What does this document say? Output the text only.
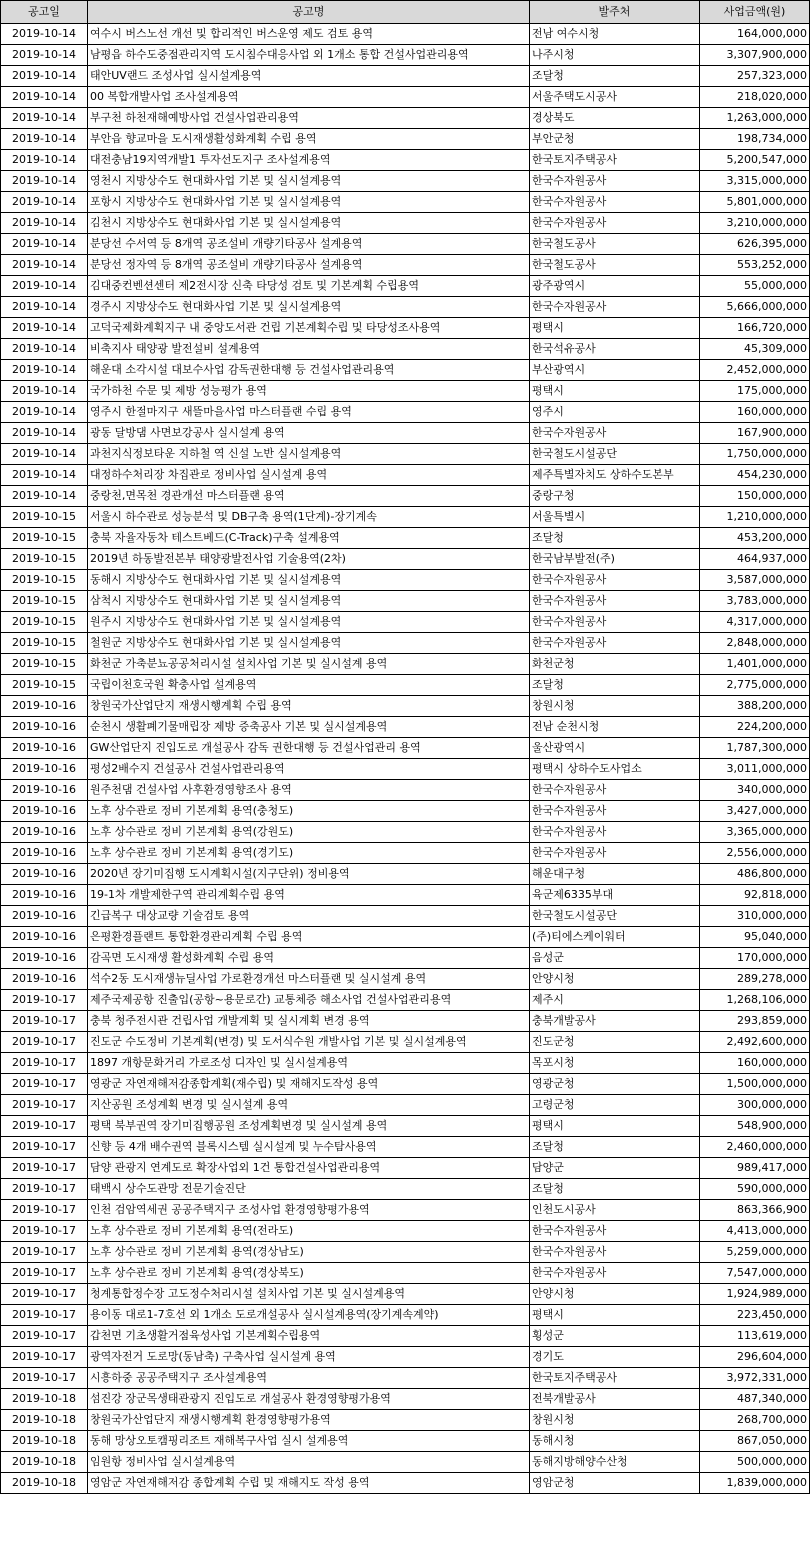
공고일	공고명	발주처	사업금액(원)
2019-10-14	여수시 버스노선 개선 및 합리적인 버스운영 제도 검토 용역	전남 여수시청	164,000,000
2019-10-14	남평읍 하수도중점관리지역 도시침수대응사업 외 1개소 통합 건설사업관리용역	나주시청	3,307,900,000
2019-10-14	태안UV랜드 조성사업 실시설계용역	조달청	257,323,000
2019-10-14	00 복합개발사업 조사설계용역	서울주택도시공사	218,020,000
2019-10-14	부구천 하천재해예방사업 건설사업관리용역	경상북도	1,263,000,000
2019-10-14	부안읍 향교마을 도시재생활성화계획 수립 용역	부안군청	198,734,000
2019-10-14	대전충남19지역개발1 투자선도지구 조사설계용역	한국토지주택공사	5,200,547,000
2019-10-14	영천시 지방상수도 현대화사업 기본 및 실시설계용역	한국수자원공사	3,315,000,000
2019-10-14	포항시 지방상수도 현대화사업 기본 및 실시설계용역	한국수자원공사	5,801,000,000
2019-10-14	김천시 지방상수도 현대화사업 기본 및 실시설계용역	한국수자원공사	3,210,000,000
2019-10-14	분당선 수서역 등 8개역 공조설비 개량기타공사 설계용역	한국철도공사	626,395,000
2019-10-14	분당선 정자역 등 8개역 공조설비 개량기타공사 설계용역	한국철도공사	553,252,000
2019-10-14	김대중컨벤션센터 제2전시장 신축 타당성 검토 및 기본계획 수립용역	광주광역시	55,000,000
2019-10-14	경주시 지방상수도 현대화사업 기본 및 실시설계용역	한국수자원공사	5,666,000,000
2019-10-14	고덕국제화계획지구 내 중앙도서관 건립 기본계획수립 및 타당성조사용역	평택시	166,720,000
2019-10-14	비축지사 태양광 발전설비 설계용역	한국석유공사	45,309,000
2019-10-14	해운대 소각시설 대보수사업 감독권한대행 등 건설사업관리용역	부산광역시	2,452,000,000
2019-10-14	국가하천 수문 및 제방 성능평가 용역	평택시	175,000,000
2019-10-14	영주시 한절마지구 새뜰마을사업 마스터플랜 수립 용역	영주시	160,000,000
2019-10-14	광동 달방댐 사면보강공사 실시설계 용역	한국수자원공사	167,900,000
2019-10-14	과천지식정보타운 지하철 역 신설 노반 실시설계용역	한국철도시설공단	1,750,000,000
2019-10-14	대정하수처리장 차집관로 정비사업 실시설계 용역	제주특별자치도 상하수도본부	454,230,000
2019-10-14	중랑천,면목천 경관개선 마스터플랜 용역	중랑구청	150,000,000
2019-10-15	서울시 하수관로 성능분석 및 DB구축 용역(1단계)-장기계속	서울특별시	1,210,000,000
2019-10-15	충북 자율자동차 테스트베드(C-Track)구축 설계용역	조달청	453,200,000
2019-10-15	2019년 하동발전본부 태양광발전사업 기술용역(2차)	한국남부발전(주)	464,937,000
2019-10-15	동해시 지방상수도 현대화사업 기본 및 실시설계용역	한국수자원공사	3,587,000,000
2019-10-15	삼척시 지방상수도 현대화사업 기본 및 실시설계용역	한국수자원공사	3,783,000,000
2019-10-15	원주시 지방상수도 현대화사업 기본 및 실시설계용역	한국수자원공사	4,317,000,000
2019-10-15	철원군 지방상수도 현대화사업 기본 및 실시설계용역	한국수자원공사	2,848,000,000
2019-10-15	화천군 가축분뇨공공처리시설 설치사업 기본 및 실시설계 용역	화천군청	1,401,000,000
2019-10-15	국립이천호국원 확충사업 설계용역	조달청	2,775,000,000
2019-10-16	창원국가산업단지 재생시행계획 수립 용역	창원시청	388,200,000
2019-10-16	순천시 생활폐기물매립장 제방 증축공사 기본 및 실시설계용역	전남 순천시청	224,200,000
2019-10-16	GW산업단지 진입도로 개설공사 감독 권한대행 등 건설사업관리 용역	울산광역시	1,787,300,000
2019-10-16	평성2배수지 건설공사 건설사업관리용역	평택시 상하수도사업소	3,011,000,000
2019-10-16	원주천댐 건설사업 사후환경영향조사 용역	한국수자원공사	340,000,000
2019-10-16	노후 상수관로 정비 기본계획 용역(충청도)	한국수자원공사	3,427,000,000
2019-10-16	노후 상수관로 정비 기본계획 용역(강원도)	한국수자원공사	3,365,000,000
2019-10-16	노후 상수관로 정비 기본계획 용역(경기도)	한국수자원공사	2,556,000,000
2019-10-16	2020년 장기미집행 도시계획시설(지구단위) 정비용역	해운대구청	486,800,000
2019-10-16	19-1차 개발제한구역 관리계획수립 용역	육군제6335부대	92,818,000
2019-10-16	긴급복구 대상교량 기술검토 용역	한국철도시설공단	310,000,000
2019-10-16	은평환경플랜트 통합환경관리계획 수립 용역	(주)티에스케이워터	95,040,000
2019-10-16	감곡면 도시재생 활성화계획 수립 용역	음성군	170,000,000
2019-10-16	석수2동 도시재생뉴딜사업 가로환경개선 마스터플랜 및 실시설계 용역	안양시청	289,278,000
2019-10-17	제주국제공항 진출입(공항~용문로간) 교통체증 해소사업 건설사업관리용역	제주시	1,268,106,000
2019-10-17	충북 청주전시관 건립사업 개발계획 및 실시계획 변경 용역	충북개발공사	293,859,000
2019-10-17	진도군 수도정비 기본계획(변경) 및 도서식수원 개발사업 기본 및 실시설계용역	진도군청	2,492,600,000
2019-10-17	1897 개항문화거리 가로조성 디자인 및 실시설계용역	목포시청	160,000,000
2019-10-17	영광군 자연재해저감종합계획(재수립) 및 재해지도작성 용역	영광군청	1,500,000,000
2019-10-17	지산공원 조성계획 변경 및 실시설계 용역	고령군청	300,000,000
2019-10-17	평택 북부권역 장기미집행공원 조성계획변경 및 실시설계 용역	평택시	548,900,000
2019-10-17	신향 등 4개 배수권역 블록시스템 실시설계 및 누수탐사용역	조달청	2,460,000,000
2019-10-17	담양 관광지 연계도로 확장사업외 1건 통합건설사업관리용역	담양군	989,417,000
2019-10-17	태백시 상수도관망 전문기술진단	조달청	590,000,000
2019-10-17	인천 검암역세권 공공주택지구 조성사업 환경영향평가용역	인천도시공사	863,366,900
2019-10-17	노후 상수관로 정비 기본계획 용역(전라도)	한국수자원공사	4,413,000,000
2019-10-17	노후 상수관로 정비 기본계획 용역(경상남도)	한국수자원공사	5,259,000,000
2019-10-17	노후 상수관로 정비 기본계획 용역(경상북도)	한국수자원공사	7,547,000,000
2019-10-17	청계통합정수장 고도정수처리시설 설치사업 기본 및 실시설계용역	안양시청	1,924,989,000
2019-10-17	용이동 대로1-7호선 외 1개소 도로개설공사 실시설계용역(장기계속계약)	평택시	223,450,000
2019-10-17	갑천면 기초생활거점육성사업 기본계획수립용역	횡성군	113,619,000
2019-10-17	광역자전거 도로망(동남축) 구축사업 실시설계 용역	경기도	296,604,000
2019-10-17	시흥하중 공공주택지구 조사설계용역	한국토지주택공사	3,972,331,000
2019-10-18	섬진강 장군목생태관광지 진입도로 개설공사 환경영향평가용역	전북개발공사	487,340,000
2019-10-18	창원국가산업단지 재생시행계획 환경영향평가용역	창원시청	268,700,000
2019-10-18	동해 망상오토캠핑리조트 재해복구사업 실시 설계용역	동해시청	867,050,000
2019-10-18	임원항 정비사업 실시설계용역	동해지방해양수산청	500,000,000
2019-10-18	영암군 자연재해저감 종합계획 수립 및 재해지도 작성 용역	영암군청	1,839,000,000
